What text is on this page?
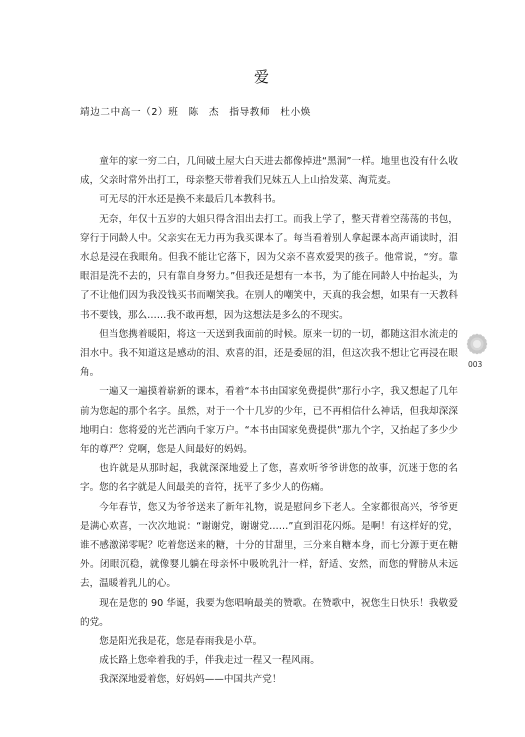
爱
靖边二中高一（2）班　陈　杰　指导教师　杜小焕

童年的家一穷二白，几间破土屋大白天进去都像掉进“黑洞”一样。地里也没有什么收成，父亲时常外出打工，母亲整天带着我们兄妹五人上山拾发菜、淘荒麦。

可无尽的汗水还是换不来最后几本教科书。

无奈，年仅十五岁的大姐只得含泪出去打工。而我上学了，整天背着空荡荡的书包，穿行于同龄人中。父亲实在无力再为我买课本了。每当看着别人拿起课本高声诵读时，泪水总是浸在我眼角。但我不能让它落下，因为父亲不喜欢爱哭的孩子。他常说，“穷。靠眼泪是洗不去的，只有靠自身努力。”但我还是想有一本书，为了能在同龄人中抬起头，为了不让他们因为我没钱买书而嘲笑我。在别人的嘲笑中，天真的我会想，如果有一天教科书不要钱，那么……我不敢再想，因为这想法是多么的不现实。

但当您携着暖阳，将这一天送到我面前的时候。原来一切的一切，都随这泪水流走的泪水中。我不知道这是感动的泪、欢喜的泪，还是委屈的泪，但这次我不想让它再浸在眼角。

一遍又一遍摸着崭新的课本，看着“本书由国家免费提供”那行小字，我又想起了几年前为您起的那个名字。虽然，对于一个十几岁的少年，已不再相信什么神话，但我却深深地明白：您将爱的光芒洒向千家万户。“本书由国家免费提供”那九个字，又抬起了多少少年的尊严？党啊，您是人间最好的妈妈。

也许就是从那时起，我就深深地爱上了您，喜欢听爷爷讲您的故事，沉迷于您的名字。您的名字就是人间最美的音符，抚平了多少人的伤痛。

今年春节，您又为爷爷送来了新年礼物，说是慰问乡下老人。全家都很高兴，爷爷更是满心欢喜，一次次地说：“谢谢党，谢谢党……”直到泪花闪烁。是啊！有这样好的党，谁不感激涕零呢？吃着您送来的糖，十分的甘甜里，三分来自糖本身，而七分源于更在糖外。闭眼沉稳，就像婴儿躺在母亲怀中吸吮乳汁一样，舒适、安然，而您的臂膀从未远去，温暖着乳儿的心。

现在是您的 90 华诞，我要为您唱响最美的赞歌。在赞歌中，祝您生日快乐！我敬爱的党。

您是阳光我是花，您是春雨我是小草。

成长路上您牵着我的手，伴我走过一程又一程风雨。

我深深地爱着您，好妈妈——中国共产党！

003
